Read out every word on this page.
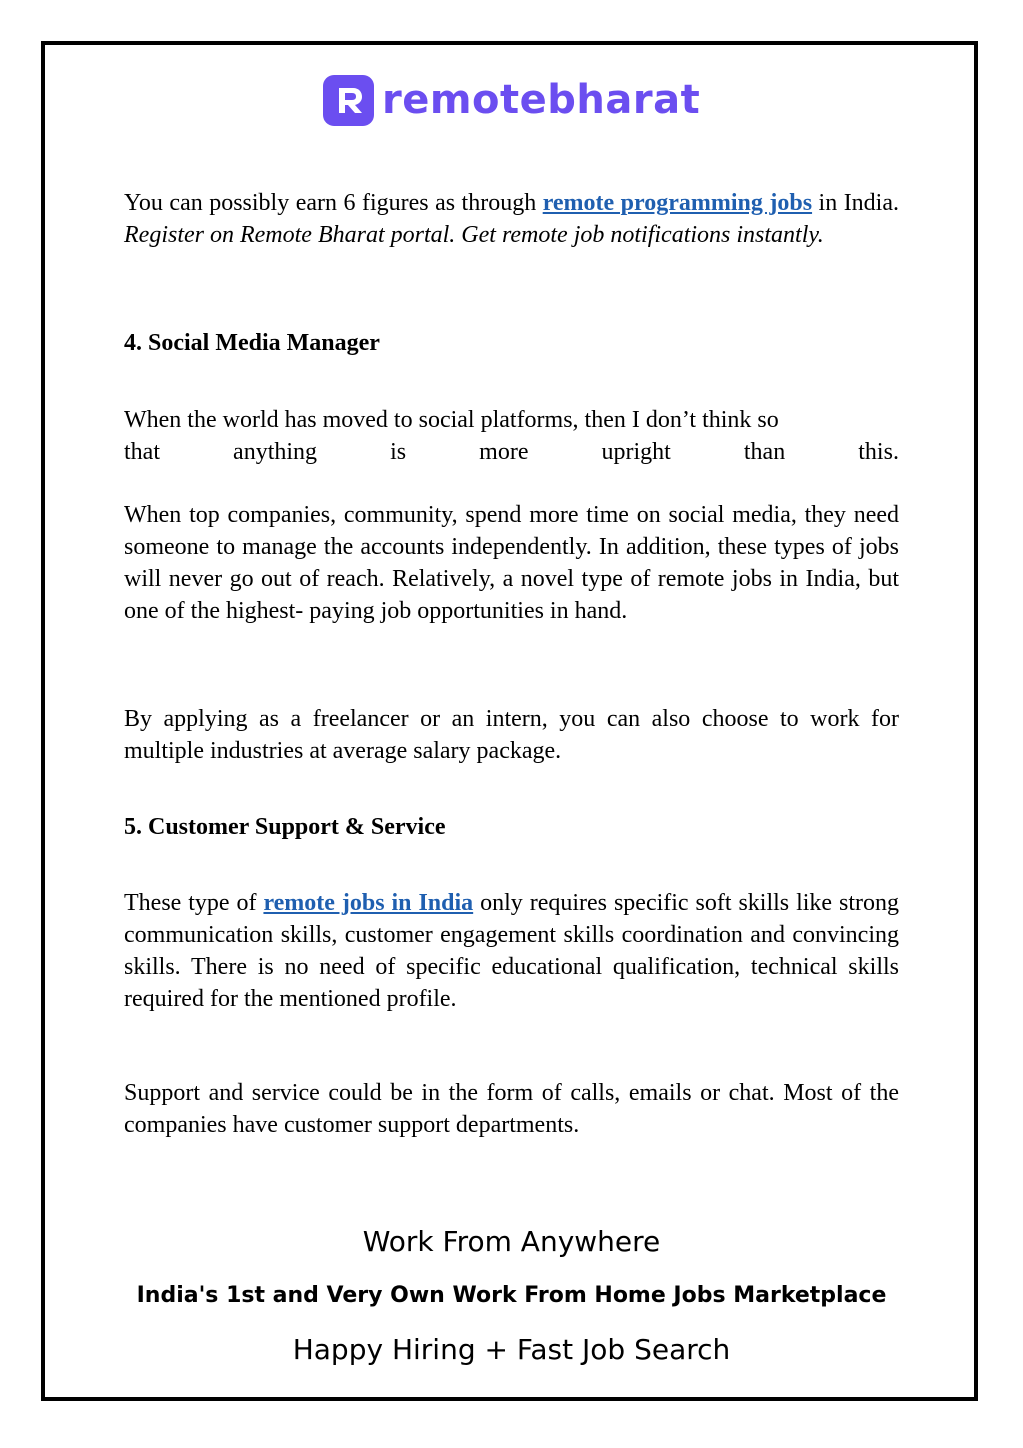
remotebharat

You can possibly earn 6 figures as through remote programming jobs in India. Register on Remote Bharat portal. Get remote job notifications instantly.

4. Social Media Manager

When the world has moved to social platforms, then I don’t think so
that	anything	is	more	upright	than	this.

When top companies, community, spend more time on social media, they need someone to manage the accounts independently. In addition, these types of jobs will never go out of reach. Relatively, a novel type of remote jobs in India, but one of the highest- paying job opportunities in hand.

By applying as a freelancer or an intern, you can also choose to work for multiple industries at average salary package.

5. Customer Support & Service

These type of remote jobs in India only requires specific soft skills like strong communication skills, customer engagement skills coordination and convincing skills. There is no need of specific educational qualification, technical skills required for the mentioned profile.

Support and service could be in the form of calls, emails or chat. Most of the companies have customer support departments.

Work From Anywhere
India's 1st and Very Own Work From Home Jobs Marketplace
Happy Hiring + Fast Job Search
